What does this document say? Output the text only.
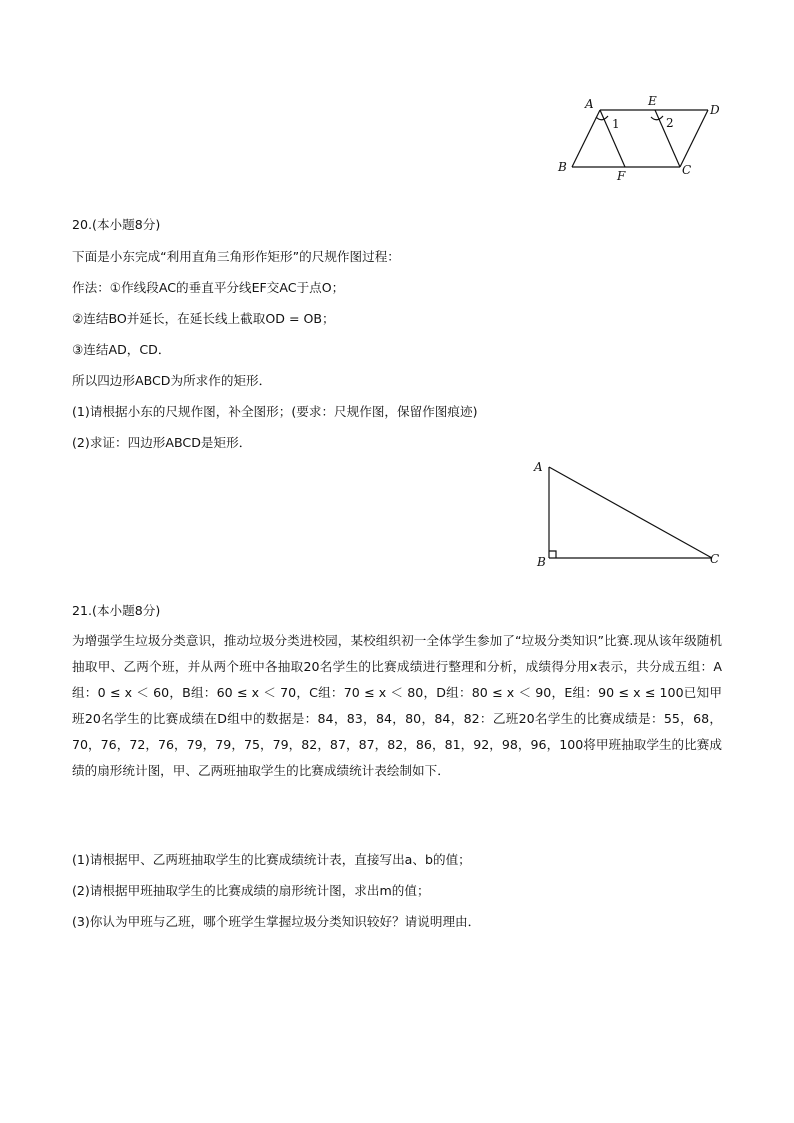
A	E
D
B
F	C
1	2
20.(本小题8分)
下面是小东完成“利用直角三角形作矩形”的尺规作图过程：
作法：①作线段AC的垂直平分线EF交AC于点O；
②连结BO并延长，在延长线上截取OD = OB；
③连结AD，CD．
所以四边形ABCD为所求作的矩形．
(1)请根据小东的尺规作图，补全图形；(要求：尺规作图，保留作图痕迹)
(2)求证：四边形ABCD是矩形．
A
B	C
21.(本小题8分)
为增强学生垃圾分类意识，推动垃圾分类进校园，某校组织初一全体学生参加了“垃圾分类知识”比赛.现从该年级随机抽取甲、乙两个班，并从两个班中各抽取20名学生的比赛成绩进行整理和分析，成绩得分用x表示，共分成五组：A组：0 ≤ x ＜ 60，B组：60 ≤ x ＜ 70，C组：70 ≤ x ＜ 80，D组：80 ≤ x ＜ 90，E组：90 ≤ x ≤ 100已知甲班20名学生的比赛成绩在D组中的数据是：84，83，84，80，84，82：乙班20名学生的比赛成绩是：55，68，70，76，72，76，79，79，75，79，82，87，87，82，86，81，92，98，96，100将甲班抽取学生的比赛成绩的扇形统计图，甲、乙两班抽取学生的比赛成绩统计表绘制如下．
(1)请根据甲、乙两班抽取学生的比赛成绩统计表，直接写出a、b的值；
(2)请根据甲班抽取学生的比赛成绩的扇形统计图，求出m的值；
(3)你认为甲班与乙班，哪个班学生掌握垃圾分类知识较好？请说明理由．
